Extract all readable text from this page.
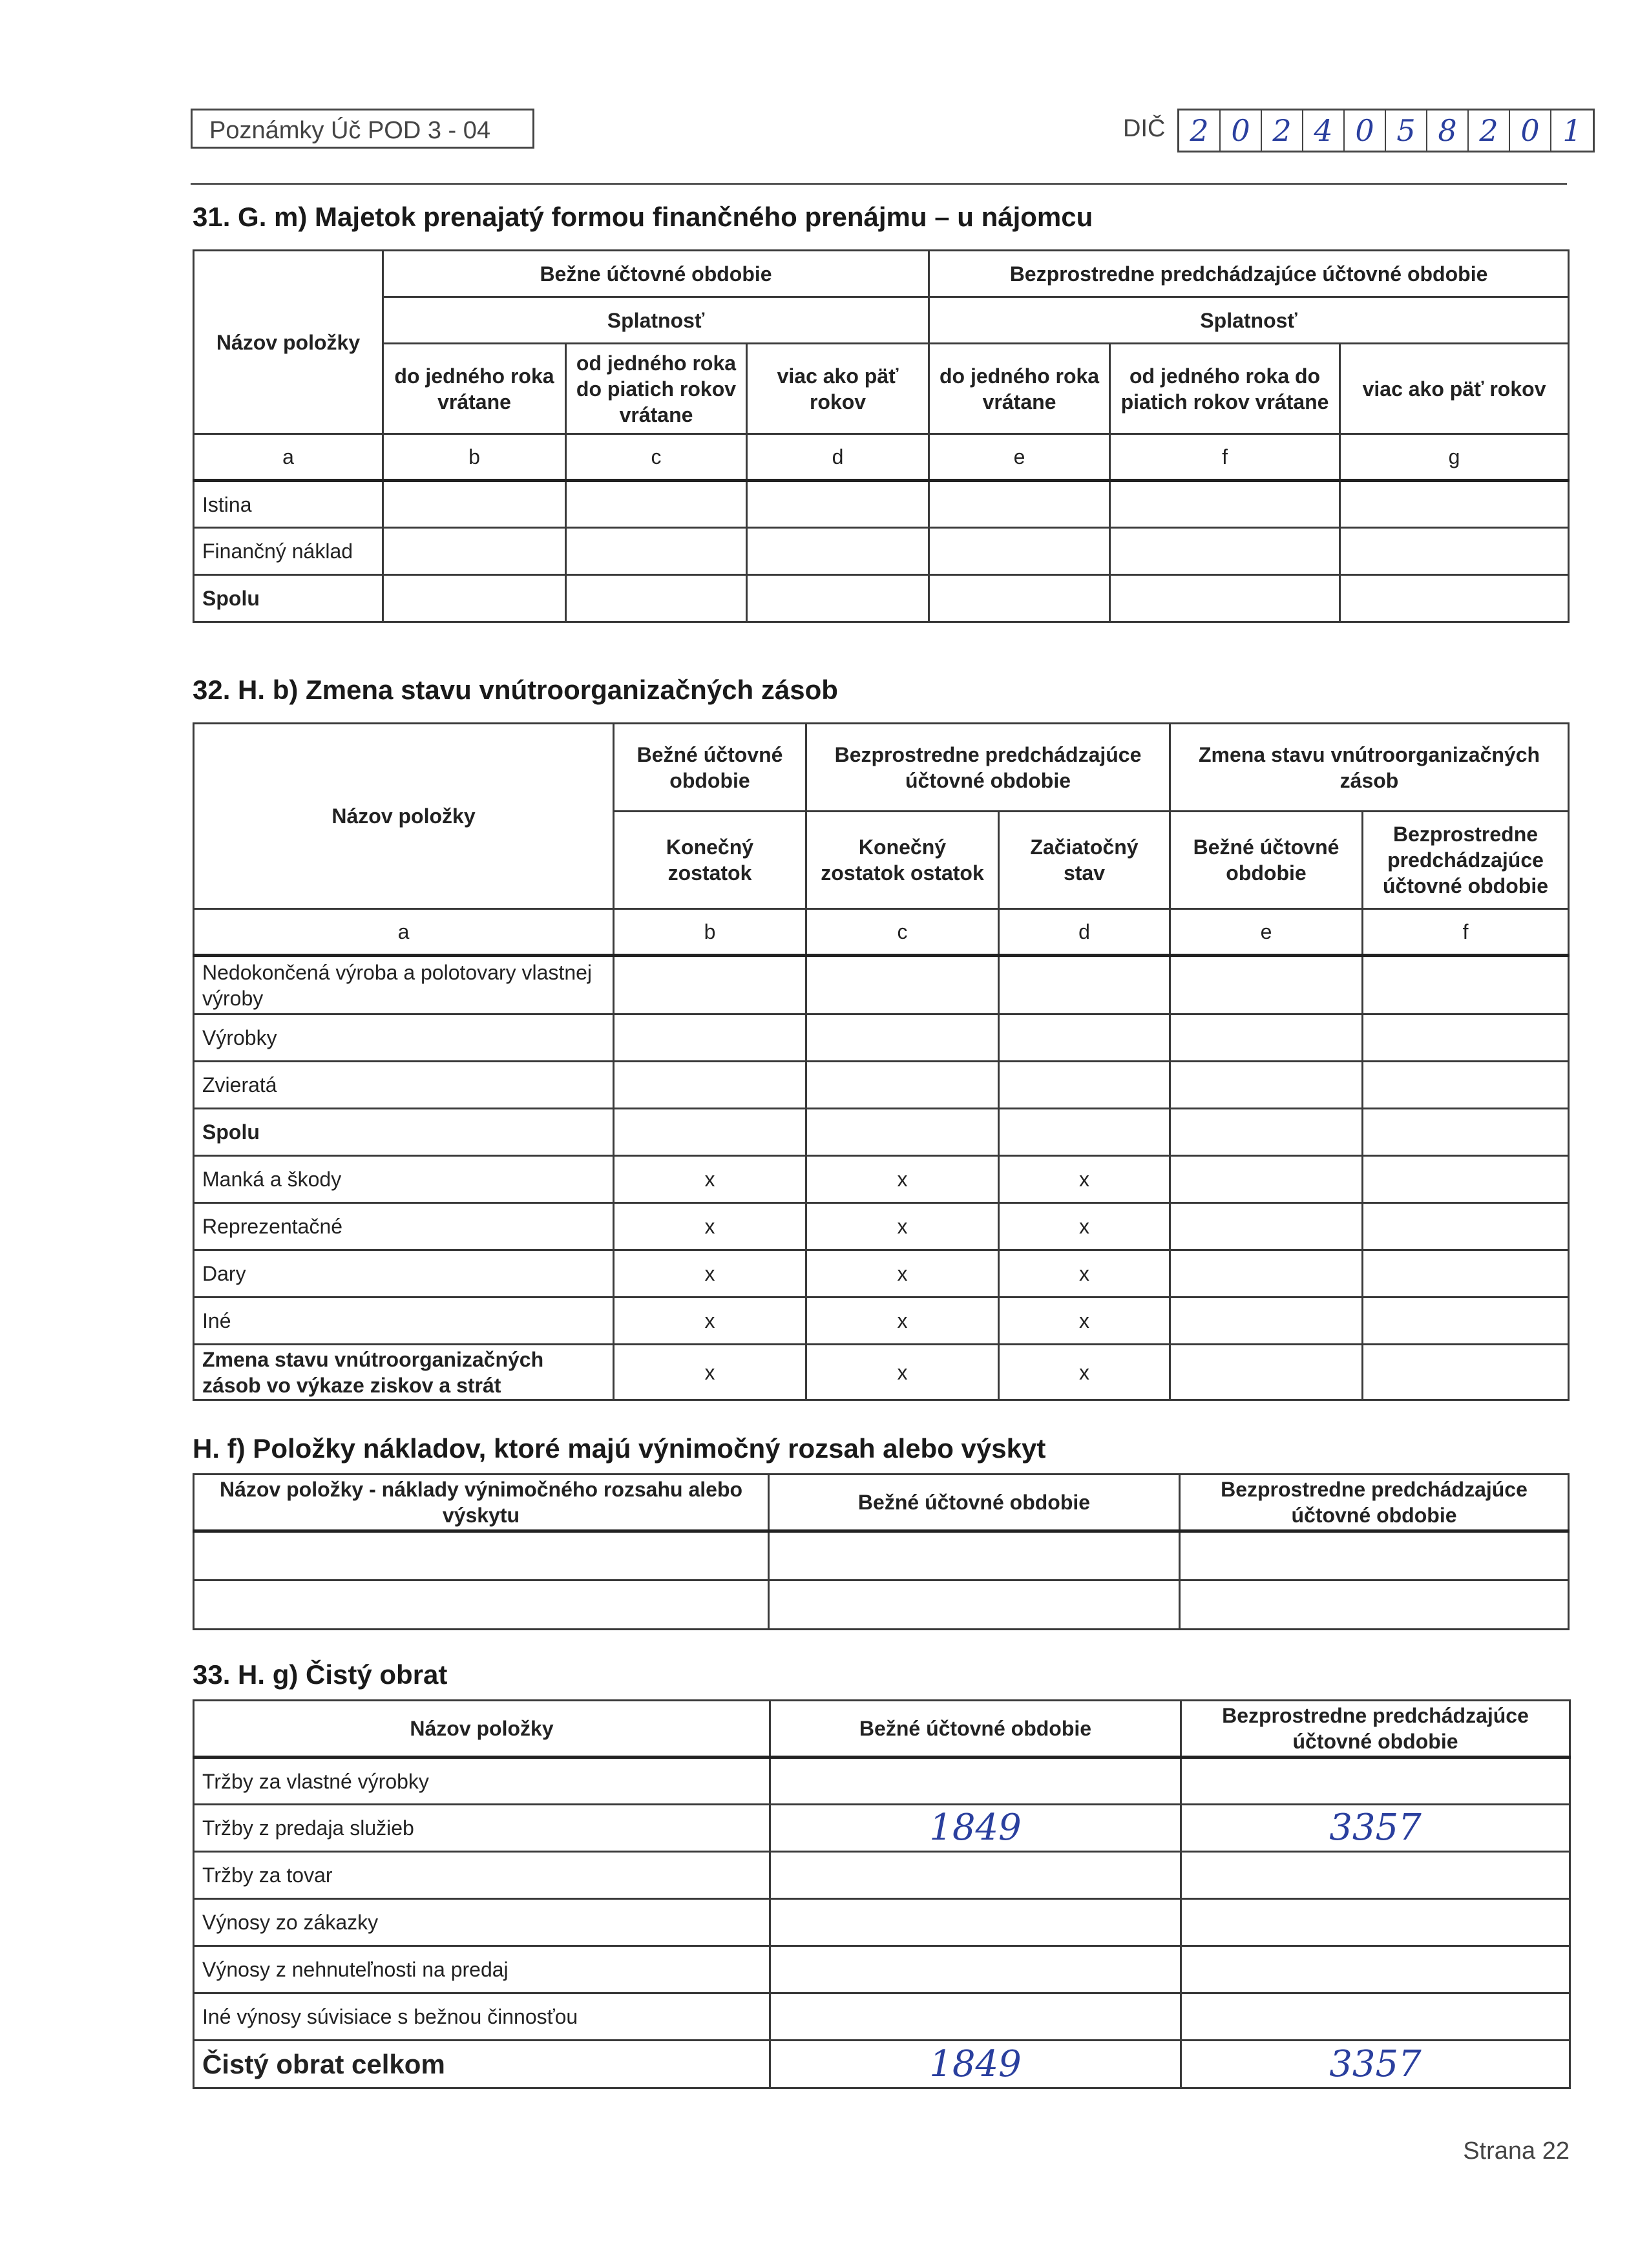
Poznámky Úč POD 3 - 04	DIČ 2 0 2 4 0 5 8 2 0 1
31. G. m) Majetok prenajatý formou finančného prenájmu – u nájomcu
Názov položky	Bežne účtovné obdobie			Bezprostredne predchádzajúce účtovné obdobie		
	Splatnosť			Splatnosť		
	do jedného roka vrátane	od jedného roka do piatich rokov vrátane	viac ako päť rokov	do jedného roka vrátane	od jedného roka do piatich rokov vrátane	viac ako päť rokov
a	b	c	d	e	f	g
Istina						
Finančný náklad						
Spolu						
32. H. b) Zmena stavu vnútroorganizačných zásob
Názov položky	Bežné účtovné obdobie	Bezprostredne predchádzajúce účtovné obdobie		Zmena stavu vnútroorganizačných zásob	
	Konečný zostatok	Konečný zostatok ostatok	Začiatočný stav	Bežné účtovné obdobie	Bezprostredne predchádzajúce účtovné obdobie
a	b	c	d	e	f
Nedokončená výroba a polotovary vlastnej výroby					
Výrobky					
Zvieratá					
Spolu					
Manká a škody	x	x	x		
Reprezentačné	x	x	x		
Dary	x	x	x		
Iné	x	x	x		
Zmena stavu vnútroorganizačných zásob vo výkaze ziskov a strát	x	x	x		
H. f) Položky nákladov, ktoré majú výnimočný rozsah alebo výskyt
Názov položky - náklady výnimočného rozsahu alebo výskytu	Bežné účtovné obdobie	Bezprostredne predchádzajúce účtovné obdobie

33. H. g) Čistý obrat
Názov položky	Bežné účtovné obdobie	Bezprostredne predchádzajúce účtovné obdobie
Tržby za vlastné výrobky		
Tržby z predaja služieb	1849	3357
Tržby za tovar		
Výnosy zo zákazky		
Výnosy z nehnuteľnosti na predaj		
Iné výnosy súvisiace s bežnou činnosťou		
Čistý obrat celkom	1849	3357
Strana 22
